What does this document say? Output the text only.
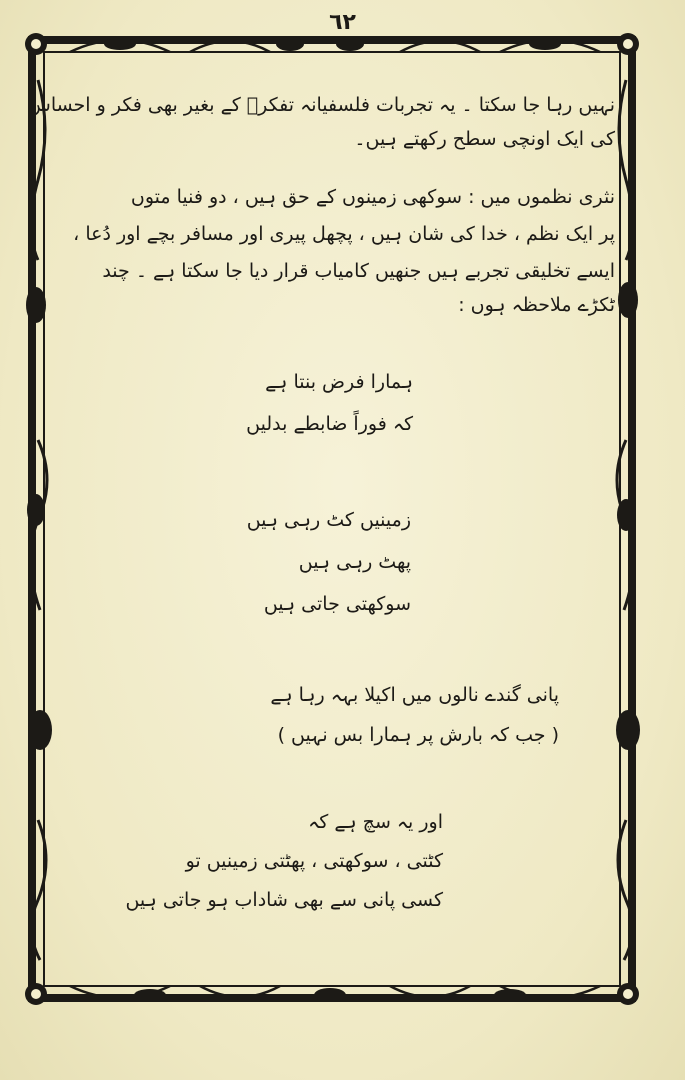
٦٢
نہیں رہا جا سکتا ۔ یہ تجربات فلسفیانہ تفکرؔ کے بغیر بھی فکر و احساس
کی ایک اونچی سطح رکھتے ہیں۔
نثری نظموں میں : سوکھی زمینوں کے حق ہیں ، دو فنیا متوں
پر ایک نظم ، خدا کی شان ہیں ، پچھل پیری اور مسافر بچے اور دُعا ،
ایسے تخلیقی تجربے ہیں جنھیں کامیاب قرار دیا جا سکتا ہے ۔ چند
ٹکڑے ملاحظہ ہوں :
ہمارا فرض بنتا ہے
کہ فوراً ضابطے بدلیں
زمینیں کٹ رہی ہیں
پھٹ رہی ہیں
سوکھتی جاتی ہیں
پانی گندے نالوں میں اکیلا بہہ رہا ہے
( جب کہ بارش پر ہمارا بس نہیں )
اور یہ سچ ہے کہ
کٹتی ، سوکھتی ، پھٹتی زمینیں تو
کسی پانی سے بھی شاداب ہو جاتی ہیں
